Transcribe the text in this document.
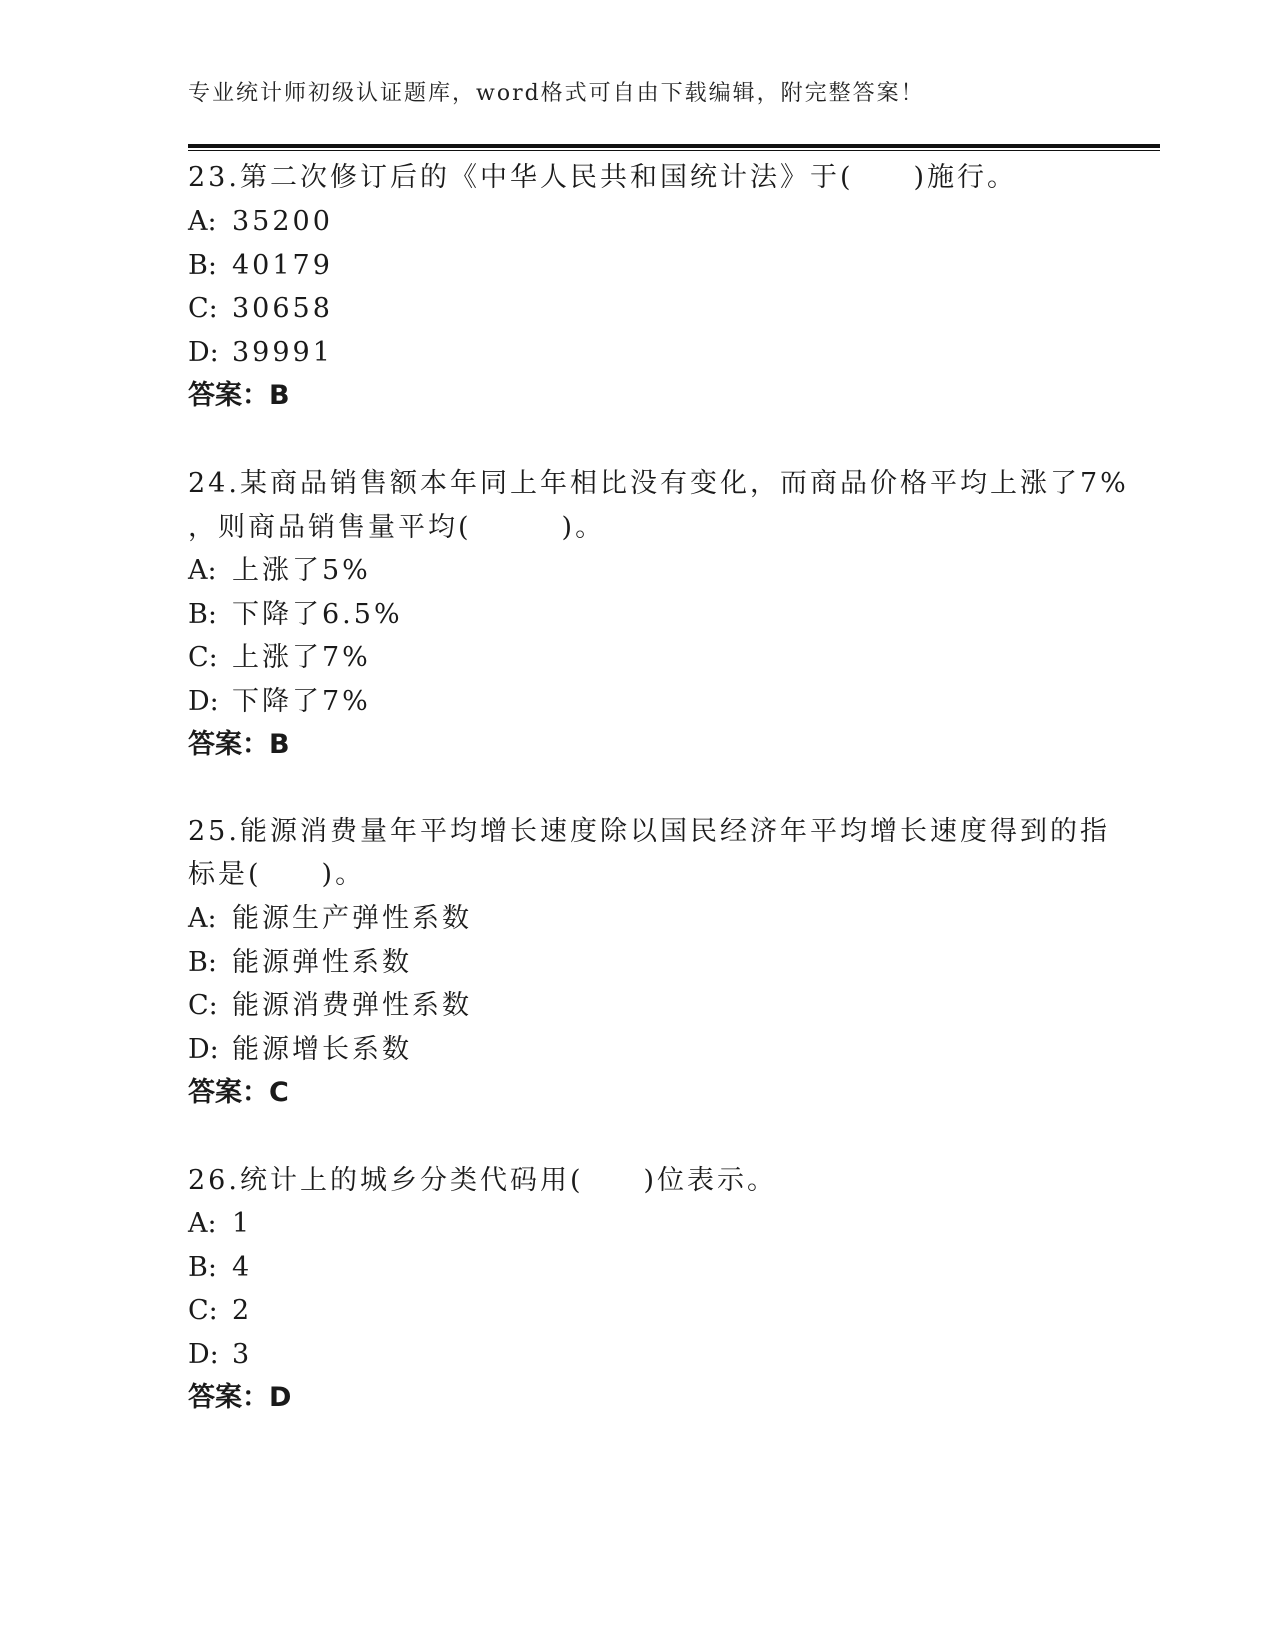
专业统计师初级认证题库，word格式可自由下载编辑，附完整答案！
23.第二次修订后的《中华人民共和国统计法》于(　　)施行。
A: 35200
B: 40179
C: 30658
D: 39991
答案：B
24.某商品销售额本年同上年相比没有变化，而商品价格平均上涨了7%
，则商品销售量平均(　　　)。
A: 上涨了5%
B: 下降了6.5%
C: 上涨了7%
D: 下降了7%
答案：B
25.能源消费量年平均增长速度除以国民经济年平均增长速度得到的指
标是(　　)。
A: 能源生产弹性系数
B: 能源弹性系数
C: 能源消费弹性系数
D: 能源增长系数
答案：C
26.统计上的城乡分类代码用(　　)位表示。
A: 1
B: 4
C: 2
D: 3
答案：D
